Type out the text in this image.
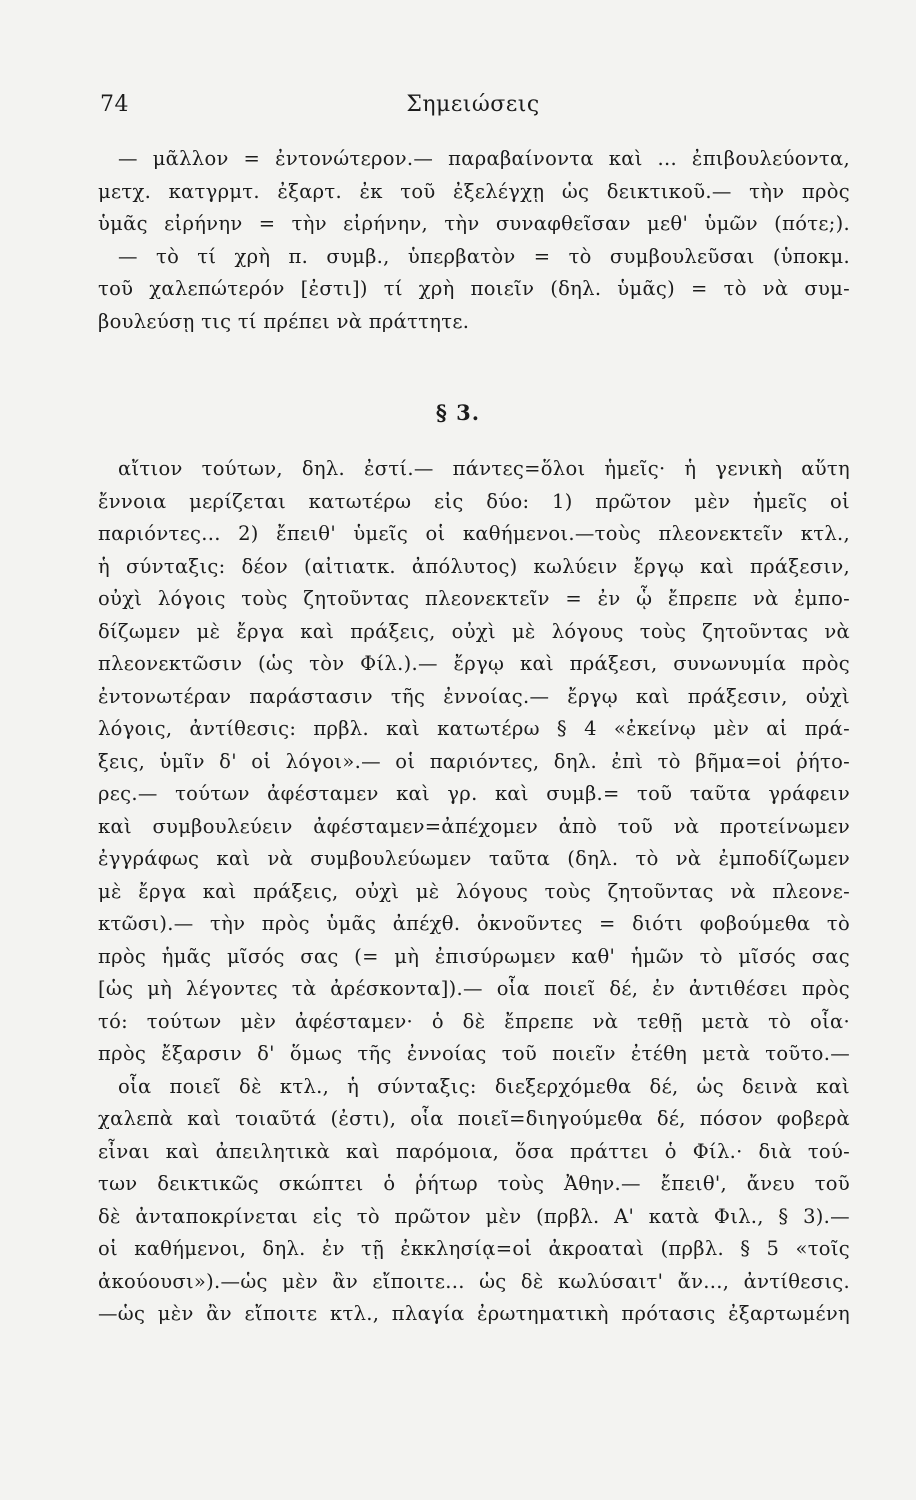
74	Σημειώσεις
— μᾶλλον = ἐντονώτερον.— παραβαίνοντα καὶ ... ἐπιβουλεύοντα,
μετχ. κατγρμτ. ἐξαρτ. ἐκ τοῦ ἐξελέγχῃ ὡς δεικτικοῦ.— τὴν πρὸς
ὑμᾶς εἰρήνην = τὴν εἰρήνην, τὴν συναφθεῖσαν μεθ' ὑμῶν (πότε;).
— τὸ τί χρὴ π. συμβ., ὑπερβατὸν = τὸ συμβουλεῦσαι (ὑποκμ.
τοῦ χαλεπώτερόν [ἐστι]) τί χρὴ ποιεῖν (δηλ. ὑμᾶς) = τὸ νὰ συμ-
βουλεύσῃ τις τί πρέπει νὰ πράττητε.
§ 3.
αἴτιον τούτων, δηλ. ἐστί.— πάντες=ὅλοι ἡμεῖς· ἡ γενικὴ αὕτη
ἔννοια μερίζεται κατωτέρω εἰς δύο: 1) πρῶτον μὲν ἡμεῖς οἱ
παριόντες... 2) ἔπειθ' ὑμεῖς οἱ καθήμενοι.—τοὺς πλεονεκτεῖν κτλ.,
ἡ σύνταξις: δέον (αἰτιατκ. ἀπόλυτος) κωλύειν ἔργῳ καὶ πράξεσιν,
οὐχὶ λόγοις τοὺς ζητοῦντας πλεονεκτεῖν = ἐν ᾧ ἔπρεπε νὰ ἐμπο-
δίζωμεν μὲ ἔργα καὶ πράξεις, οὐχὶ μὲ λόγους τοὺς ζητοῦντας νὰ
πλεονεκτῶσιν (ὡς τὸν Φίλ.).— ἔργῳ καὶ πράξεσι, συνωνυμία πρὸς
ἐντονωτέραν παράστασιν τῆς ἐννοίας.— ἔργῳ καὶ πράξεσιν, οὐχὶ
λόγοις, ἀντίθεσις: πρβλ. καὶ κατωτέρω § 4 «ἐκείνῳ μὲν αἱ πρά-
ξεις, ὑμῖν δ' οἱ λόγοι».— οἱ παριόντες, δηλ. ἐπὶ τὸ βῆμα=οἱ ῥήτο-
ρες.— τούτων ἀφέσταμεν καὶ γρ. καὶ συμβ.= τοῦ ταῦτα γράφειν
καὶ συμβουλεύειν ἀφέσταμεν=ἀπέχομεν ἀπὸ τοῦ νὰ προτείνωμεν
ἐγγράφως καὶ νὰ συμβουλεύωμεν ταῦτα (δηλ. τὸ νὰ ἐμποδίζωμεν
μὲ ἔργα καὶ πράξεις, οὐχὶ μὲ λόγους τοὺς ζητοῦντας νὰ πλεονε-
κτῶσι).— τὴν πρὸς ὑμᾶς ἀπέχθ. ὀκνοῦντες = διότι φοβούμεθα τὸ
πρὸς ἡμᾶς μῖσός σας (= μὴ ἐπισύρωμεν καθ' ἡμῶν τὸ μῖσός σας
[ὡς μὴ λέγοντες τὰ ἀρέσκοντα]).— οἷα ποιεῖ δέ, ἐν ἀντιθέσει πρὸς
τό: τούτων μὲν ἀφέσταμεν· ὁ δὲ ἔπρεπε νὰ τεθῇ μετὰ τὸ οἷα·
πρὸς ἔξαρσιν δ' ὅμως τῆς ἐννοίας τοῦ ποιεῖν ἐτέθη μετὰ τοῦτο.—
οἷα ποιεῖ δὲ κτλ., ἡ σύνταξις: διεξερχόμεθα δέ, ὡς δεινὰ καὶ
χαλεπὰ καὶ τοιαῦτά (ἐστι), οἷα ποιεῖ=διηγούμεθα δέ, πόσον φοβερὰ
εἶναι καὶ ἀπειλητικὰ καὶ παρόμοια, ὅσα πράττει ὁ Φίλ.· διὰ τού-
των δεικτικῶς σκώπτει ὁ ῥήτωρ τοὺς Ἀθην.— ἔπειθ', ἄνευ τοῦ
δὲ ἀνταποκρίνεται εἰς τὸ πρῶτον μὲν (πρβλ. Α' κατὰ Φιλ., § 3).—
οἱ καθήμενοι, δηλ. ἐν τῇ ἐκκλησίᾳ=οἱ ἀκροαταὶ (πρβλ. § 5 «τοῖς
ἀκούουσι»).—ὡς μὲν ἂν εἴποιτε... ὡς δὲ κωλύσαιτ' ἄν..., ἀντίθεσις.
—ὡς μὲν ἂν εἴποιτε κτλ., πλαγία ἐρωτηματικὴ πρότασις ἐξαρτωμένη
